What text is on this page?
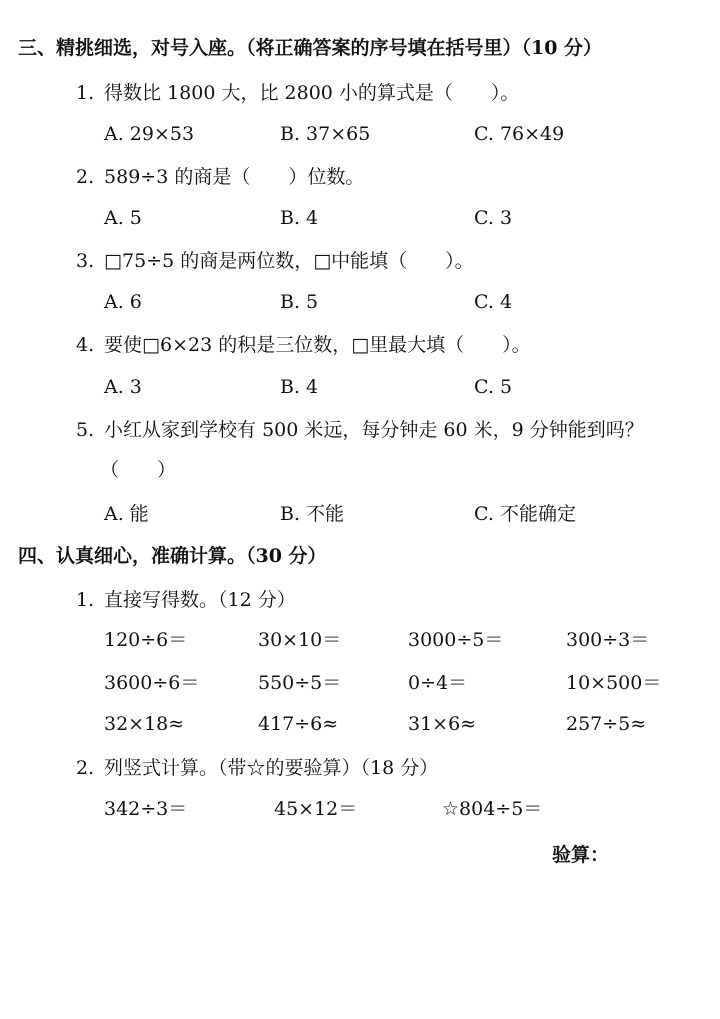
三、精挑细选，对号入座。（将正确答案的序号填在括号里）（10 分）
1. 得数比 1800 大，比 2800 小的算式是（　　）。
A. 29×53	B. 37×65	C. 76×49
2. 589÷3 的商是（　　）位数。
A. 5	B. 4	C. 3
3. □75÷5 的商是两位数，□中能填（　　）。
A. 6	B. 5	C. 4
4. 要使□6×23 的积是三位数，□里最大填（　　）。
A. 3	B. 4	C. 5
5. 小红从家到学校有 500 米远，每分钟走 60 米，9 分钟能到吗？
（　　）
A. 能	B. 不能	C. 不能确定
四、认真细心，准确计算。（30 分）
1. 直接写得数。（12 分）
120÷6＝	30×10＝	3000÷5＝	300÷3＝
3600÷6＝	550÷5＝	0÷4＝	10×500＝
32×18≈	417÷6≈	31×6≈	257÷5≈
2. 列竖式计算。（带☆的要验算）（18 分）
342÷3＝	45×12＝	☆804÷5＝
验算：
